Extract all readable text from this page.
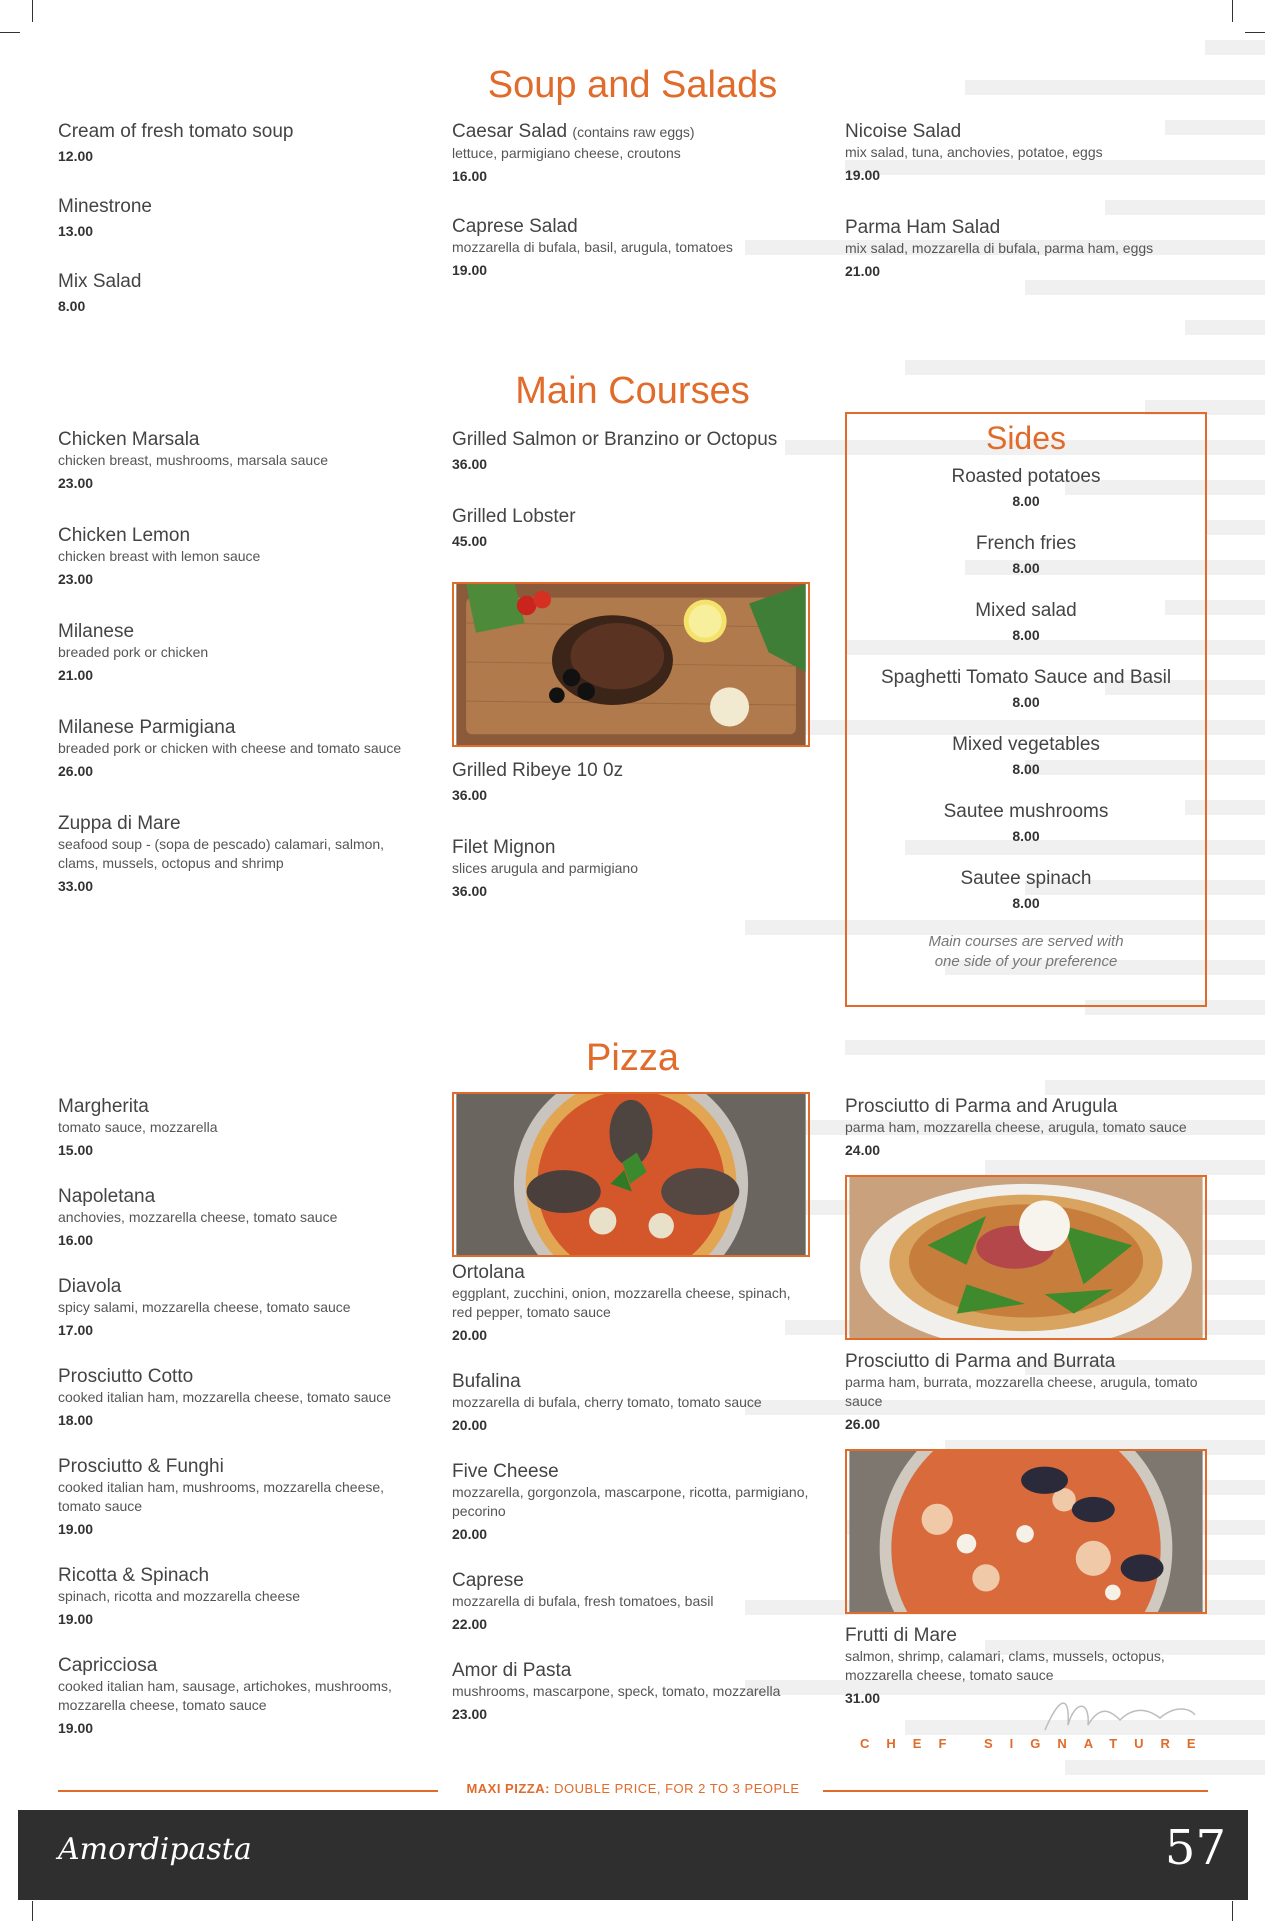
Soup and Salads
Cream of fresh tomato soup
12.00
Minestrone
13.00
Mix Salad
8.00
Caesar Salad (contains raw eggs)
lettuce, parmigiano cheese, croutons
16.00
Caprese Salad
mozzarella di bufala, basil, arugula, tomatoes
19.00
Nicoise Salad
mix salad, tuna, anchovies, potatoe, eggs
19.00
Parma Ham Salad
mix salad, mozzarella di bufala, parma ham, eggs
21.00
Main Courses
Chicken Marsala
chicken breast, mushrooms, marsala sauce
23.00
Chicken Lemon
chicken breast with lemon sauce
23.00
Milanese
breaded pork or chicken
21.00
Milanese Parmigiana
breaded pork or chicken with cheese and tomato sauce
26.00
Zuppa di Mare
seafood soup - (sopa de pescado) calamari, salmon, clams, mussels, octopus and shrimp
33.00
Grilled Salmon or Branzino or Octopus
36.00
Grilled Lobster
45.00
Grilled Ribeye 10 0z
36.00
Filet Mignon
slices arugula and parmigiano
36.00
Sides
Roasted potatoes
8.00
French fries
8.00
Mixed salad
8.00
Spaghetti Tomato Sauce and Basil
8.00
Mixed vegetables
8.00
Sautee mushrooms
8.00
Sautee spinach
8.00
Main courses are served with
one side of your preference
Pizza
Margherita
tomato sauce, mozzarella
15.00
Napoletana
anchovies, mozzarella cheese, tomato sauce
16.00
Diavola
spicy salami, mozzarella cheese, tomato sauce
17.00
Prosciutto Cotto
cooked italian ham, mozzarella cheese, tomato sauce
18.00
Prosciutto & Funghi
cooked italian ham, mushrooms, mozzarella cheese, tomato sauce
19.00
Ricotta & Spinach
spinach, ricotta and mozzarella cheese
19.00
Capricciosa
cooked italian ham, sausage, artichokes, mushrooms, mozzarella cheese, tomato sauce
19.00
Ortolana
eggplant, zucchini, onion, mozzarella cheese, spinach, red pepper, tomato sauce
20.00
Bufalina
mozzarella di bufala, cherry tomato, tomato sauce
20.00
Five Cheese
mozzarella, gorgonzola, mascarpone, ricotta, parmigiano, pecorino
20.00
Caprese
mozzarella di bufala, fresh tomatoes, basil
22.00
Amor di Pasta
mushrooms, mascarpone, speck, tomato, mozzarella
23.00
Prosciutto di Parma and Arugula
parma ham, mozzarella cheese, arugula, tomato sauce
24.00
Prosciutto di Parma and Burrata
parma ham, burrata, mozzarella cheese, arugula, tomato sauce
26.00
Frutti di Mare
salmon, shrimp, calamari, clams, mussels, octopus, mozzarella cheese, tomato sauce
31.00
CHEF SIGNATURE
MAXI PIZZA: DOUBLE PRICE, FOR 2 TO 3 PEOPLE
Amordipasta	57
